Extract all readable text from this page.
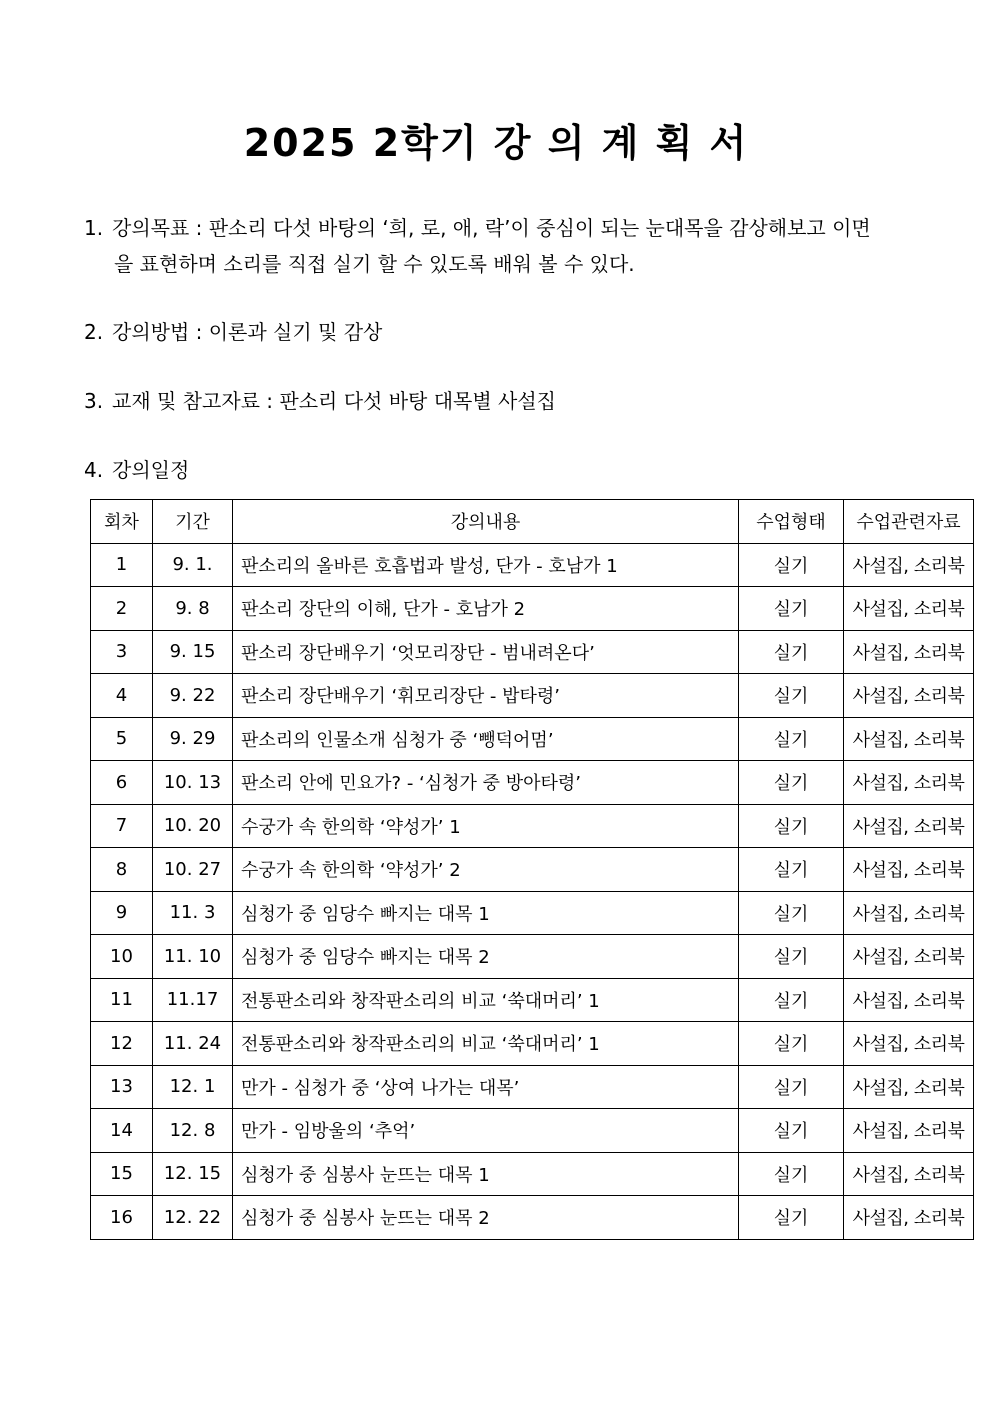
2025 2학기 강 의 계 획 서

1. 강의목표 : 판소리 다섯 바탕의 ‘희, 로, 애, 락’이 중심이 되는 눈대목을 감상해보고 이면
을 표현하며 소리를 직접 실기 할 수 있도록 배워 볼 수 있다.

2. 강의방법 : 이론과 실기 및 감상

3. 교재 및 참고자료 : 판소리 다섯 바탕 대목별 사설집

4. 강의일정

회차	기간	강의내용	수업형태	수업관련자료
1	9. 1.	판소리의 올바른 호흡법과 발성, 단가 - 호남가 1	실기	사설집, 소리북
2	9. 8	판소리 장단의 이해, 단가 - 호남가 2	실기	사설집, 소리북
3	9. 15	판소리 장단배우기 ‘엇모리장단 - 범내려온다’	실기	사설집, 소리북
4	9. 22	판소리 장단배우기 ‘휘모리장단 - 밥타령’	실기	사설집, 소리북
5	9. 29	판소리의 인물소개 심청가 중 ‘뺑덕어멈’	실기	사설집, 소리북
6	10. 13	판소리 안에 민요가? - ‘심청가 중 방아타령’	실기	사설집, 소리북
7	10. 20	수궁가 속 한의학 ‘약성가’ 1	실기	사설집, 소리북
8	10. 27	수궁가 속 한의학 ‘약성가’ 2	실기	사설집, 소리북
9	11. 3	심청가 중 임당수 빠지는 대목 1	실기	사설집, 소리북
10	11. 10	심청가 중 임당수 빠지는 대목 2	실기	사설집, 소리북
11	11.17	전통판소리와 창작판소리의 비교 ‘쑥대머리’ 1	실기	사설집, 소리북
12	11. 24	전통판소리와 창작판소리의 비교 ‘쑥대머리’ 1	실기	사설집, 소리북
13	12. 1	만가 - 심청가 중 ‘상여 나가는 대목’	실기	사설집, 소리북
14	12. 8	만가 - 임방울의 ‘추억’	실기	사설집, 소리북
15	12. 15	심청가 중 심봉사 눈뜨는 대목 1	실기	사설집, 소리북
16	12. 22	심청가 중 심봉사 눈뜨는 대목 2	실기	사설집, 소리북
